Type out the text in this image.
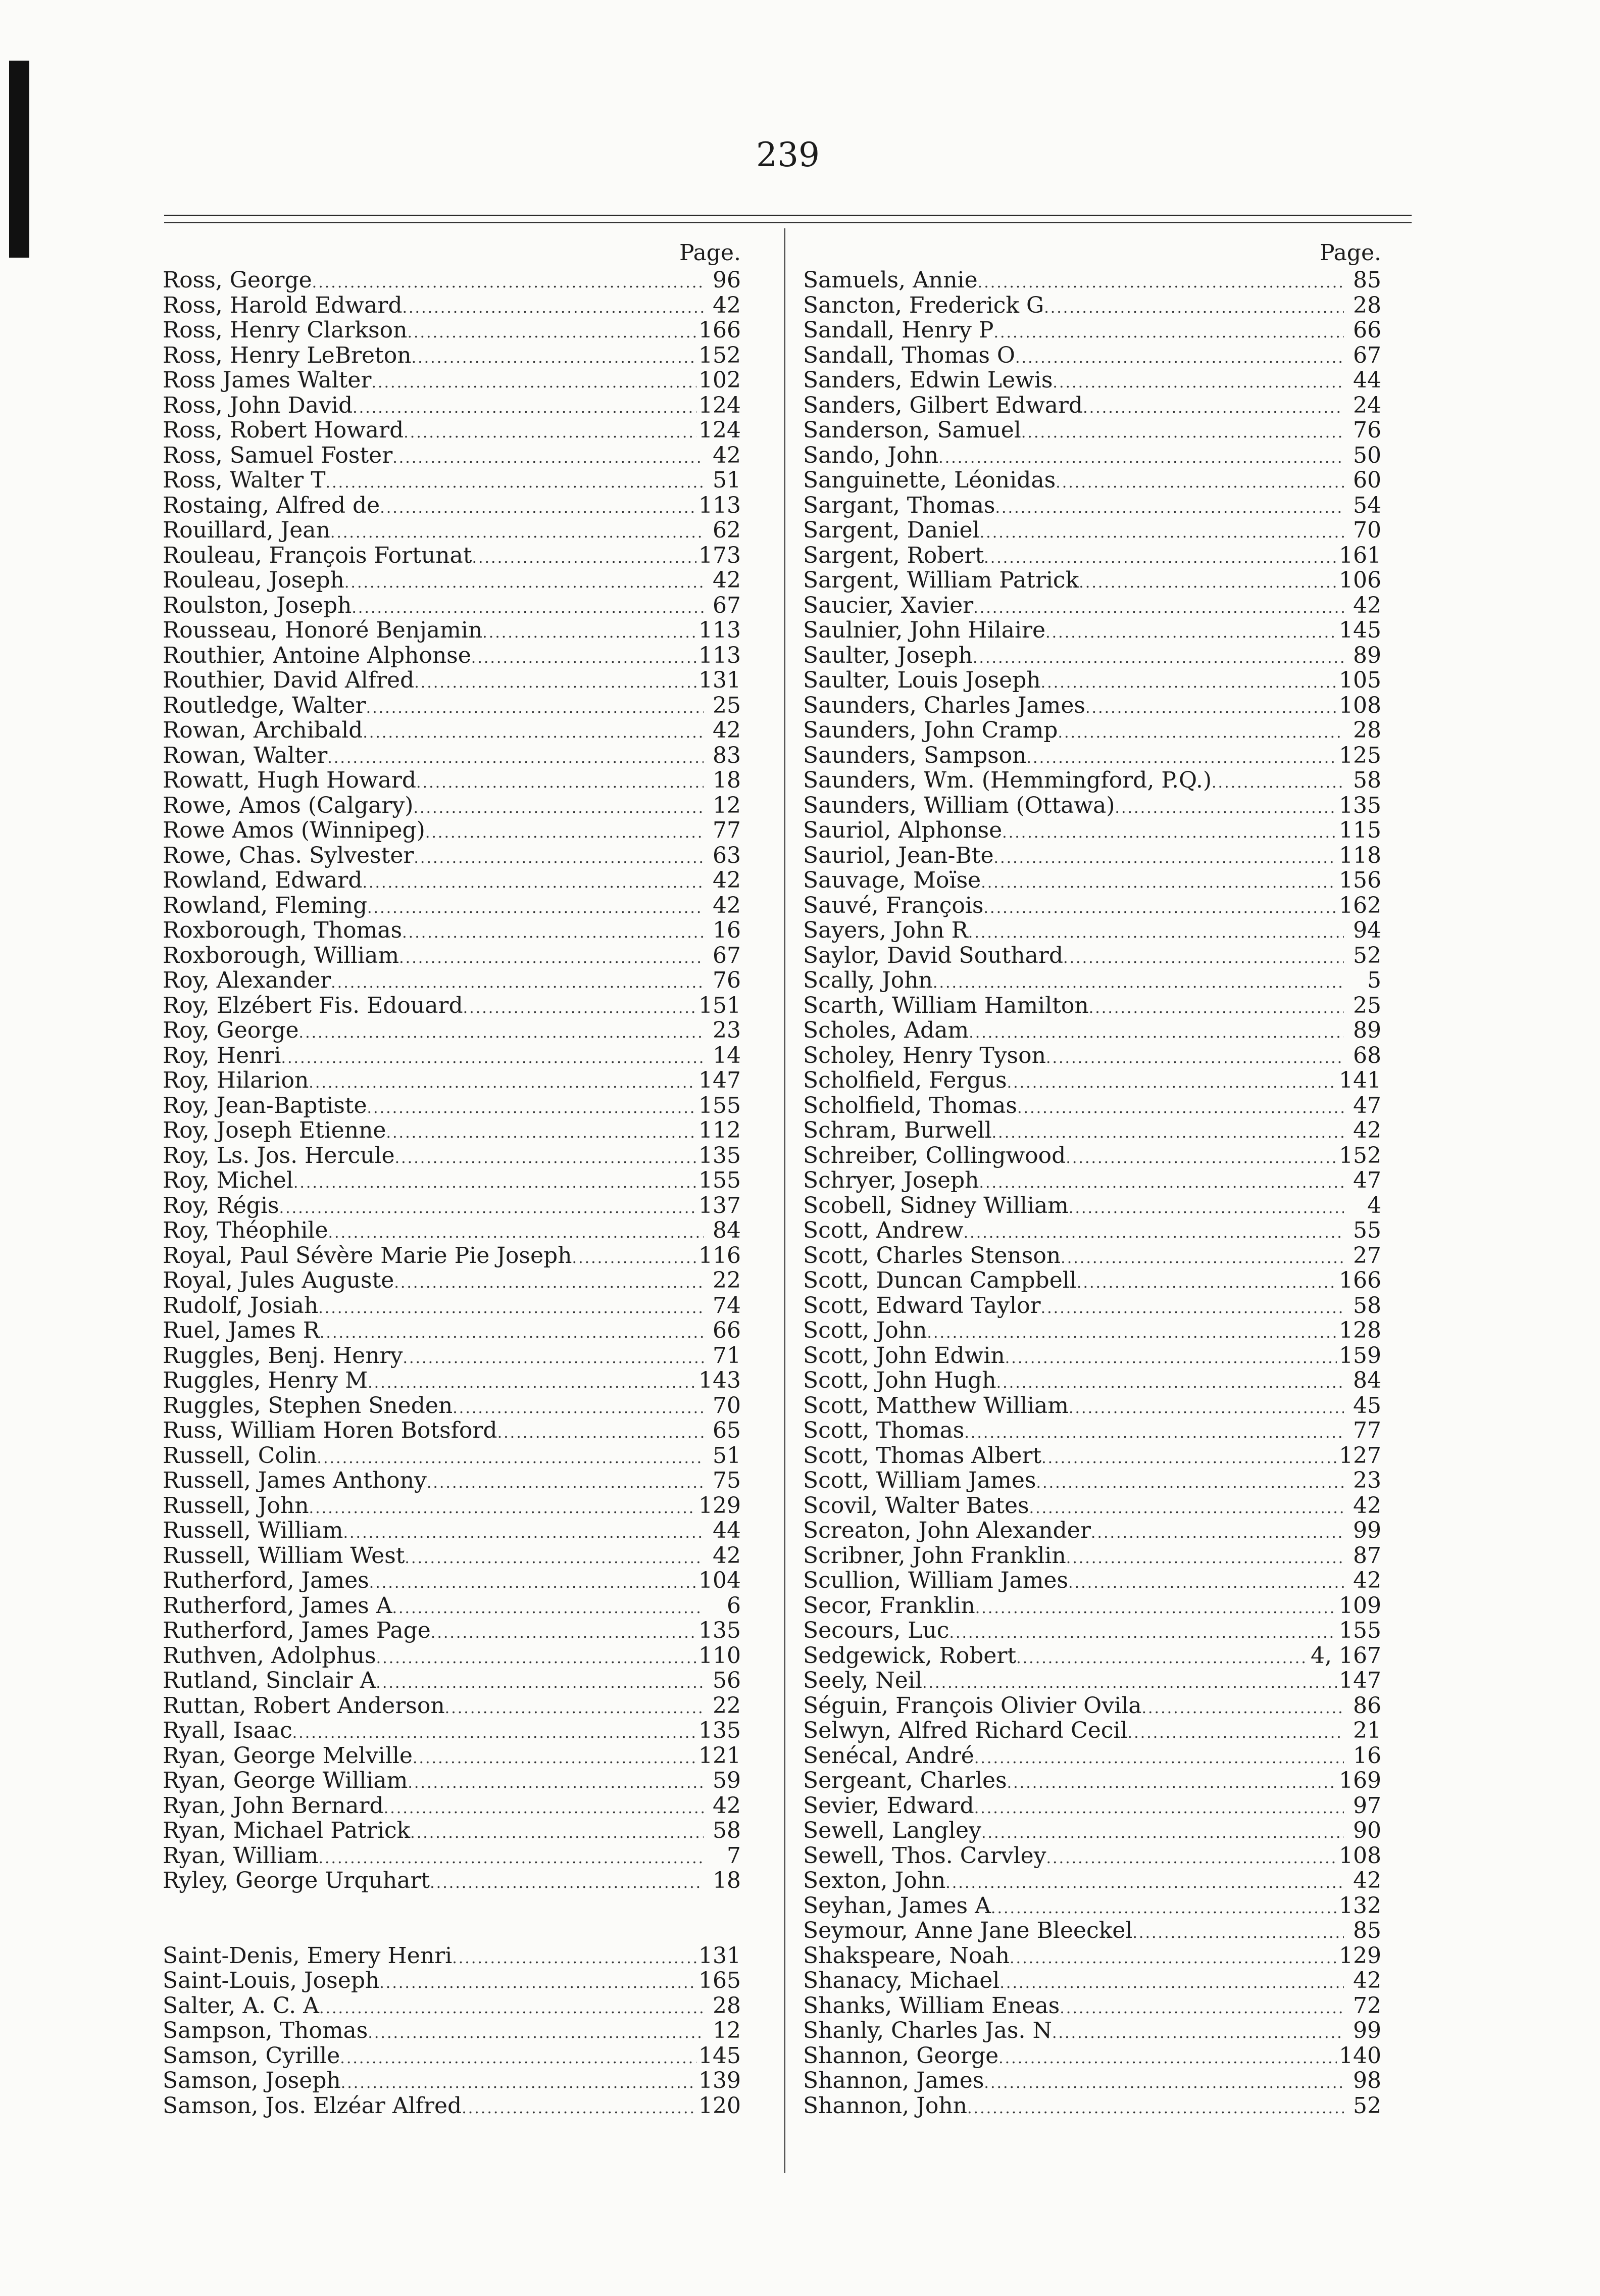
239
Page.
Ross, George .....	96
Ross, Harold Edward .....	42
Ross, Henry Clarkson .....	166
Ross, Henry LeBreton .....	152
Ross James Walter .....	102
Ross, John David .....	124
Ross, Robert Howard .....	124
Ross, Samuel Foster .....	42
Ross, Walter T .....	51
Rostaing, Alfred de .....	113
Rouillard, Jean .....	62
Rouleau, François Fortunat .....	173
Rouleau, Joseph .....	42
Roulston, Joseph .....	67
Rousseau, Honoré Benjamin .....	113
Routhier, Antoine Alphonse .....	113
Routhier, David Alfred .....	131
Routledge, Walter .....	25
Rowan, Archibald .....	42
Rowan, Walter .....	83
Rowatt, Hugh Howard .....	18
Rowe, Amos (Calgary) .....	12
Rowe Amos (Winnipeg) .....	77
Rowe, Chas. Sylvester .....	63
Rowland, Edward .....	42
Rowland, Fleming .....	42
Roxborough, Thomas .....	16
Roxborough, William .....	67
Roy, Alexander .....	76
Roy, Elzébert Fis. Edouard .....	151
Roy, George .....	23
Roy, Henri .....	14
Roy, Hilarion .....	147
Roy, Jean-Baptiste .....	155
Roy, Joseph Etienne .....	112
Roy, Ls. Jos. Hercule .....	135
Roy, Michel .....	155
Roy, Régis .....	137
Roy, Théophile .....	84
Royal, Paul Sévère Marie Pie Joseph .....	116
Royal, Jules Auguste .....	22
Rudolf, Josiah .....	74
Ruel, James R .....	66
Ruggles, Benj. Henry .....	71
Ruggles, Henry M .....	143
Ruggles, Stephen Sneden .....	70
Russ, William Horen Botsford .....	65
Russell, Colin .....	51
Russell, James Anthony .....	75
Russell, John .....	129
Russell, William .....	44
Russell, William West .....	42
Rutherford, James .....	104
Rutherford, James A .....	6
Rutherford, James Page .....	135
Ruthven, Adolphus .....	110
Rutland, Sinclair A .....	56
Ruttan, Robert Anderson .....	22
Ryall, Isaac .....	135
Ryan, George Melville .....	121
Ryan, George William .....	59
Ryan, John Bernard .....	42
Ryan, Michael Patrick .....	58
Ryan, William .....	7
Ryley, George Urquhart .....	18
Saint-Denis, Emery Henri .....	131
Saint-Louis, Joseph .....	165
Salter, A. C. A .....	28
Sampson, Thomas .....	12
Samson, Cyrille .....	145
Samson, Joseph .....	139
Samson, Jos. Elzéar Alfred .....	120
Page.
Samuels, Annie .....	85
Sancton, Frederick G .....	28
Sandall, Henry P .....	66
Sandall, Thomas O .....	67
Sanders, Edwin Lewis .....	44
Sanders, Gilbert Edward .....	24
Sanderson, Samuel .....	76
Sando, John .....	50
Sanguinette, Léonidas .....	60
Sargant, Thomas .....	54
Sargent, Daniel .....	70
Sargent, Robert .....	161
Sargent, William Patrick .....	106
Saucier, Xavier .....	42
Saulnier, John Hilaire .....	145
Saulter, Joseph .....	89
Saulter, Louis Joseph .....	105
Saunders, Charles James .....	108
Saunders, John Cramp .....	28
Saunders, Sampson .....	125
Saunders, Wm. (Hemmingford, P.Q.) .....	58
Saunders, William (Ottawa) .....	135
Sauriol, Alphonse .....	115
Sauriol, Jean-Bte .....	118
Sauvage, Moïse .....	156
Sauvé, François .....	162
Sayers, John R .....	94
Saylor, David Southard .....	52
Scally, John .....	5
Scarth, William Hamilton .....	25
Scholes, Adam .....	89
Scholey, Henry Tyson .....	68
Scholfield, Fergus .....	141
Scholfield, Thomas .....	47
Schram, Burwell .....	42
Schreiber, Collingwood .....	152
Schryer, Joseph .....	47
Scobell, Sidney William .....	4
Scott, Andrew .....	55
Scott, Charles Stenson .....	27
Scott, Duncan Campbell .....	166
Scott, Edward Taylor .....	58
Scott, John .....	128
Scott, John Edwin .....	159
Scott, John Hugh .....	84
Scott, Matthew William .....	45
Scott, Thomas .....	77
Scott, Thomas Albert .....	127
Scott, William James .....	23
Scovil, Walter Bates .....	42
Screaton, John Alexander .....	99
Scribner, John Franklin .....	87
Scullion, William James .....	42
Secor, Franklin .....	109
Secours, Luc .....	155
Sedgewick, Robert .....	4, 167
Seely, Neil .....	147
Séguin, François Olivier Ovila .....	86
Selwyn, Alfred Richard Cecil .....	21
Senécal, André .....	16
Sergeant, Charles .....	169
Sevier, Edward .....	97
Sewell, Langley .....	90
Sewell, Thos. Carvley .....	108
Sexton, John .....	42
Seyhan, James A .....	132
Seymour, Anne Jane Bleeckel .....	85
Shakspeare, Noah .....	129
Shanacy, Michael .....	42
Shanks, William Eneas .....	72
Shanly, Charles Jas. N .....	99
Shannon, George .....	140
Shannon, James .....	98
Shannon, John .....	52
